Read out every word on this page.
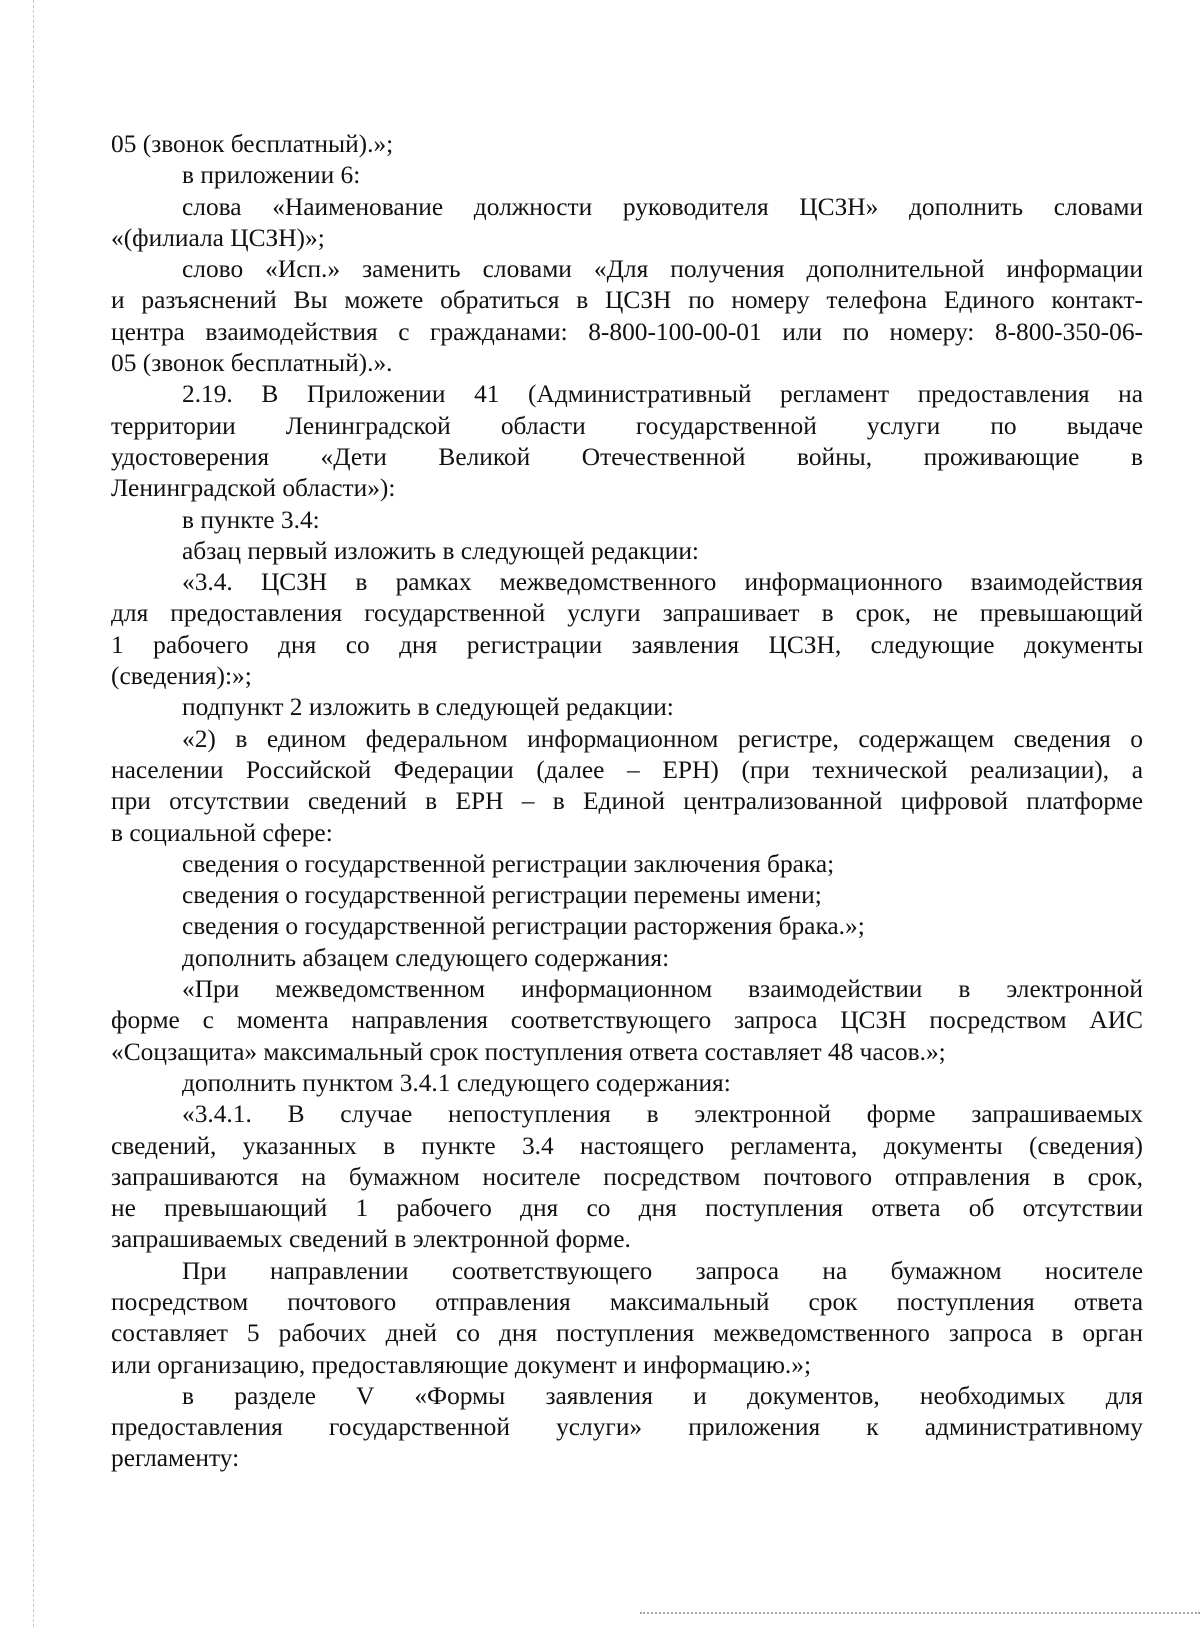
05 (звонок бесплатный).»;
в приложении 6:
слова «Наименование должности руководителя ЦСЗН» дополнить словами
«(филиала ЦСЗН)»;
слово «Исп.» заменить словами «Для получения дополнительной информации
и разъяснений Вы можете обратиться в ЦСЗН по номеру телефона Единого контакт-
центра взаимодействия с гражданами: 8-800-100-00-01 или по номеру: 8-800-350-06-
05 (звонок бесплатный).».
2.19. В Приложении 41 (Административный регламент предоставления на
территории Ленинградской области государственной услуги по выдаче
удостоверения «Дети Великой Отечественной войны, проживающие в
Ленинградской области»):
в пункте 3.4:
абзац первый изложить в следующей редакции:
«3.4. ЦСЗН в рамках межведомственного информационного взаимодействия
для предоставления государственной услуги запрашивает в срок, не превышающий
1 рабочего дня со дня регистрации заявления ЦСЗН, следующие документы
(сведения):»;
подпункт 2 изложить в следующей редакции:
«2) в едином федеральном информационном регистре, содержащем сведения о
населении Российской Федерации (далее – ЕРН) (при технической реализации), а
при отсутствии сведений в ЕРН – в Единой централизованной цифровой платформе
в социальной сфере:
сведения о государственной регистрации заключения брака;
сведения о государственной регистрации перемены имени;
сведения о государственной регистрации расторжения брака.»;
дополнить абзацем следующего содержания:
«При межведомственном информационном взаимодействии в электронной
форме с момента направления соответствующего запроса ЦСЗН посредством АИС
«Соцзащита» максимальный срок поступления ответа составляет 48 часов.»;
дополнить пунктом 3.4.1 следующего содержания:
«3.4.1. В случае непоступления в электронной форме запрашиваемых
сведений, указанных в пункте 3.4 настоящего регламента, документы (сведения)
запрашиваются на бумажном носителе посредством почтового отправления в срок,
не превышающий 1 рабочего дня со дня поступления ответа об отсутствии
запрашиваемых сведений в электронной форме.
При направлении соответствующего запроса на бумажном носителе
посредством почтового отправления максимальный срок поступления ответа
составляет 5 рабочих дней со дня поступления межведомственного запроса в орган
или организацию, предоставляющие документ и информацию.»;
в разделе V «Формы заявления и документов, необходимых для
предоставления государственной услуги» приложения к административному
регламенту:
